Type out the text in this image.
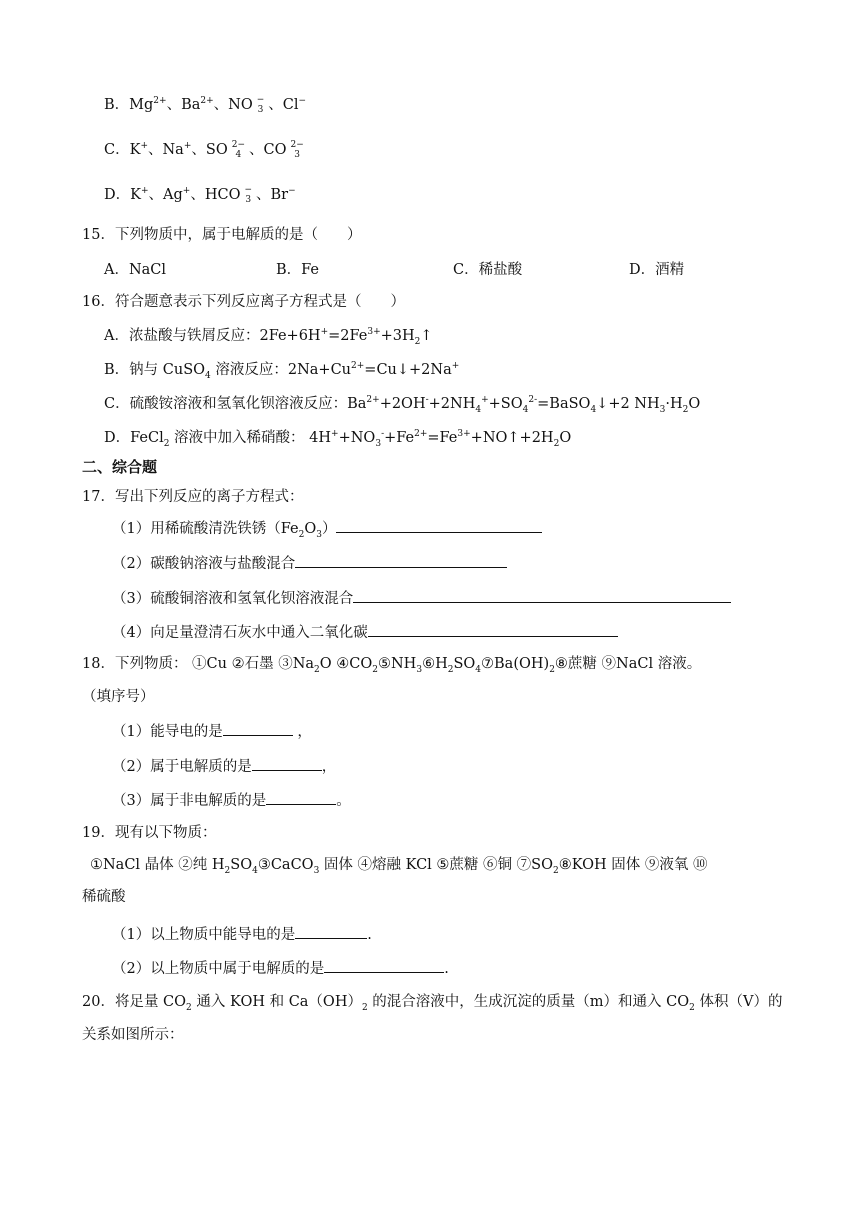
B．$Mg^{2+}$、$Ba^{2+}$、NO −
3 、Cl−
C．K+、Na+、SO 2−
4 、CO 2−
3
D．K+、Ag+、HCO −
3 、Br−
15．下列物质中，属于电解质的是（　　）
A．NaCl	B．Fe	C．稀盐酸	D．酒精
16．符合题意表示下列反应离子方程式是（　　）
A．浓盐酸与铁屑反应：$2Fe+6H^+=2Fe^{3+}+3H_2↑$
B．钠与 CuSO$_4$ 溶液反应：$2Na+Cu^{2+}=Cu↓+2Na^+$
C．硫酸铵溶液和氢氧化钡溶液反应：$Ba^{2+}+2OH^-+2NH_4^++SO_4^{2-}=BaSO_4↓+2$ $NH_3\cdot H_2O$
D．FeCl$_2$ 溶液中加入稀硝酸： $4H^++NO_3^-+Fe^{2+}=Fe^{3+}+NO↑+2H_2O$
二、综合题
17．写出下列反应的离子方程式：
（1）用稀硫酸清洗铁锈$(Fe_2O_3)$
（2）碳酸钠溶液与盐酸混合
（3）硫酸铜溶液和氢氧化钡溶液混合
（4）向足量澄清石灰水中通入二氧化碳
18．下列物质： ①Cu ②石墨 $③Na_2O$ $④CO_2⑤NH_3⑥H_2SO_4⑦Ba(OH)_2⑧$蔗糖 ⑨NaCl 溶液。
（填序号）
（1）能导电的是	，
（2）属于电解质的是	，
（3）属于非电解质的是	。
19．现有以下物质：
①NaCl 晶体 ②纯 $H_2SO_4③CaCO_3$ 固体 ④熔融 KCl ⑤蔗糖 ⑥铜 $⑦SO_2⑧KOH$ 固体 ⑨液氧 ⑩
稀硫酸
（1）以上物质中能导电的是	.
（2）以上物质中属于电解质的是	.
20．将足量 $CO_2$ 通入 KOH 和 $Ca(OH)_2$ 的混合溶液中，生成沉淀的质量（m）和通入 $CO_2$ 体积（V）的
关系如图所示：
